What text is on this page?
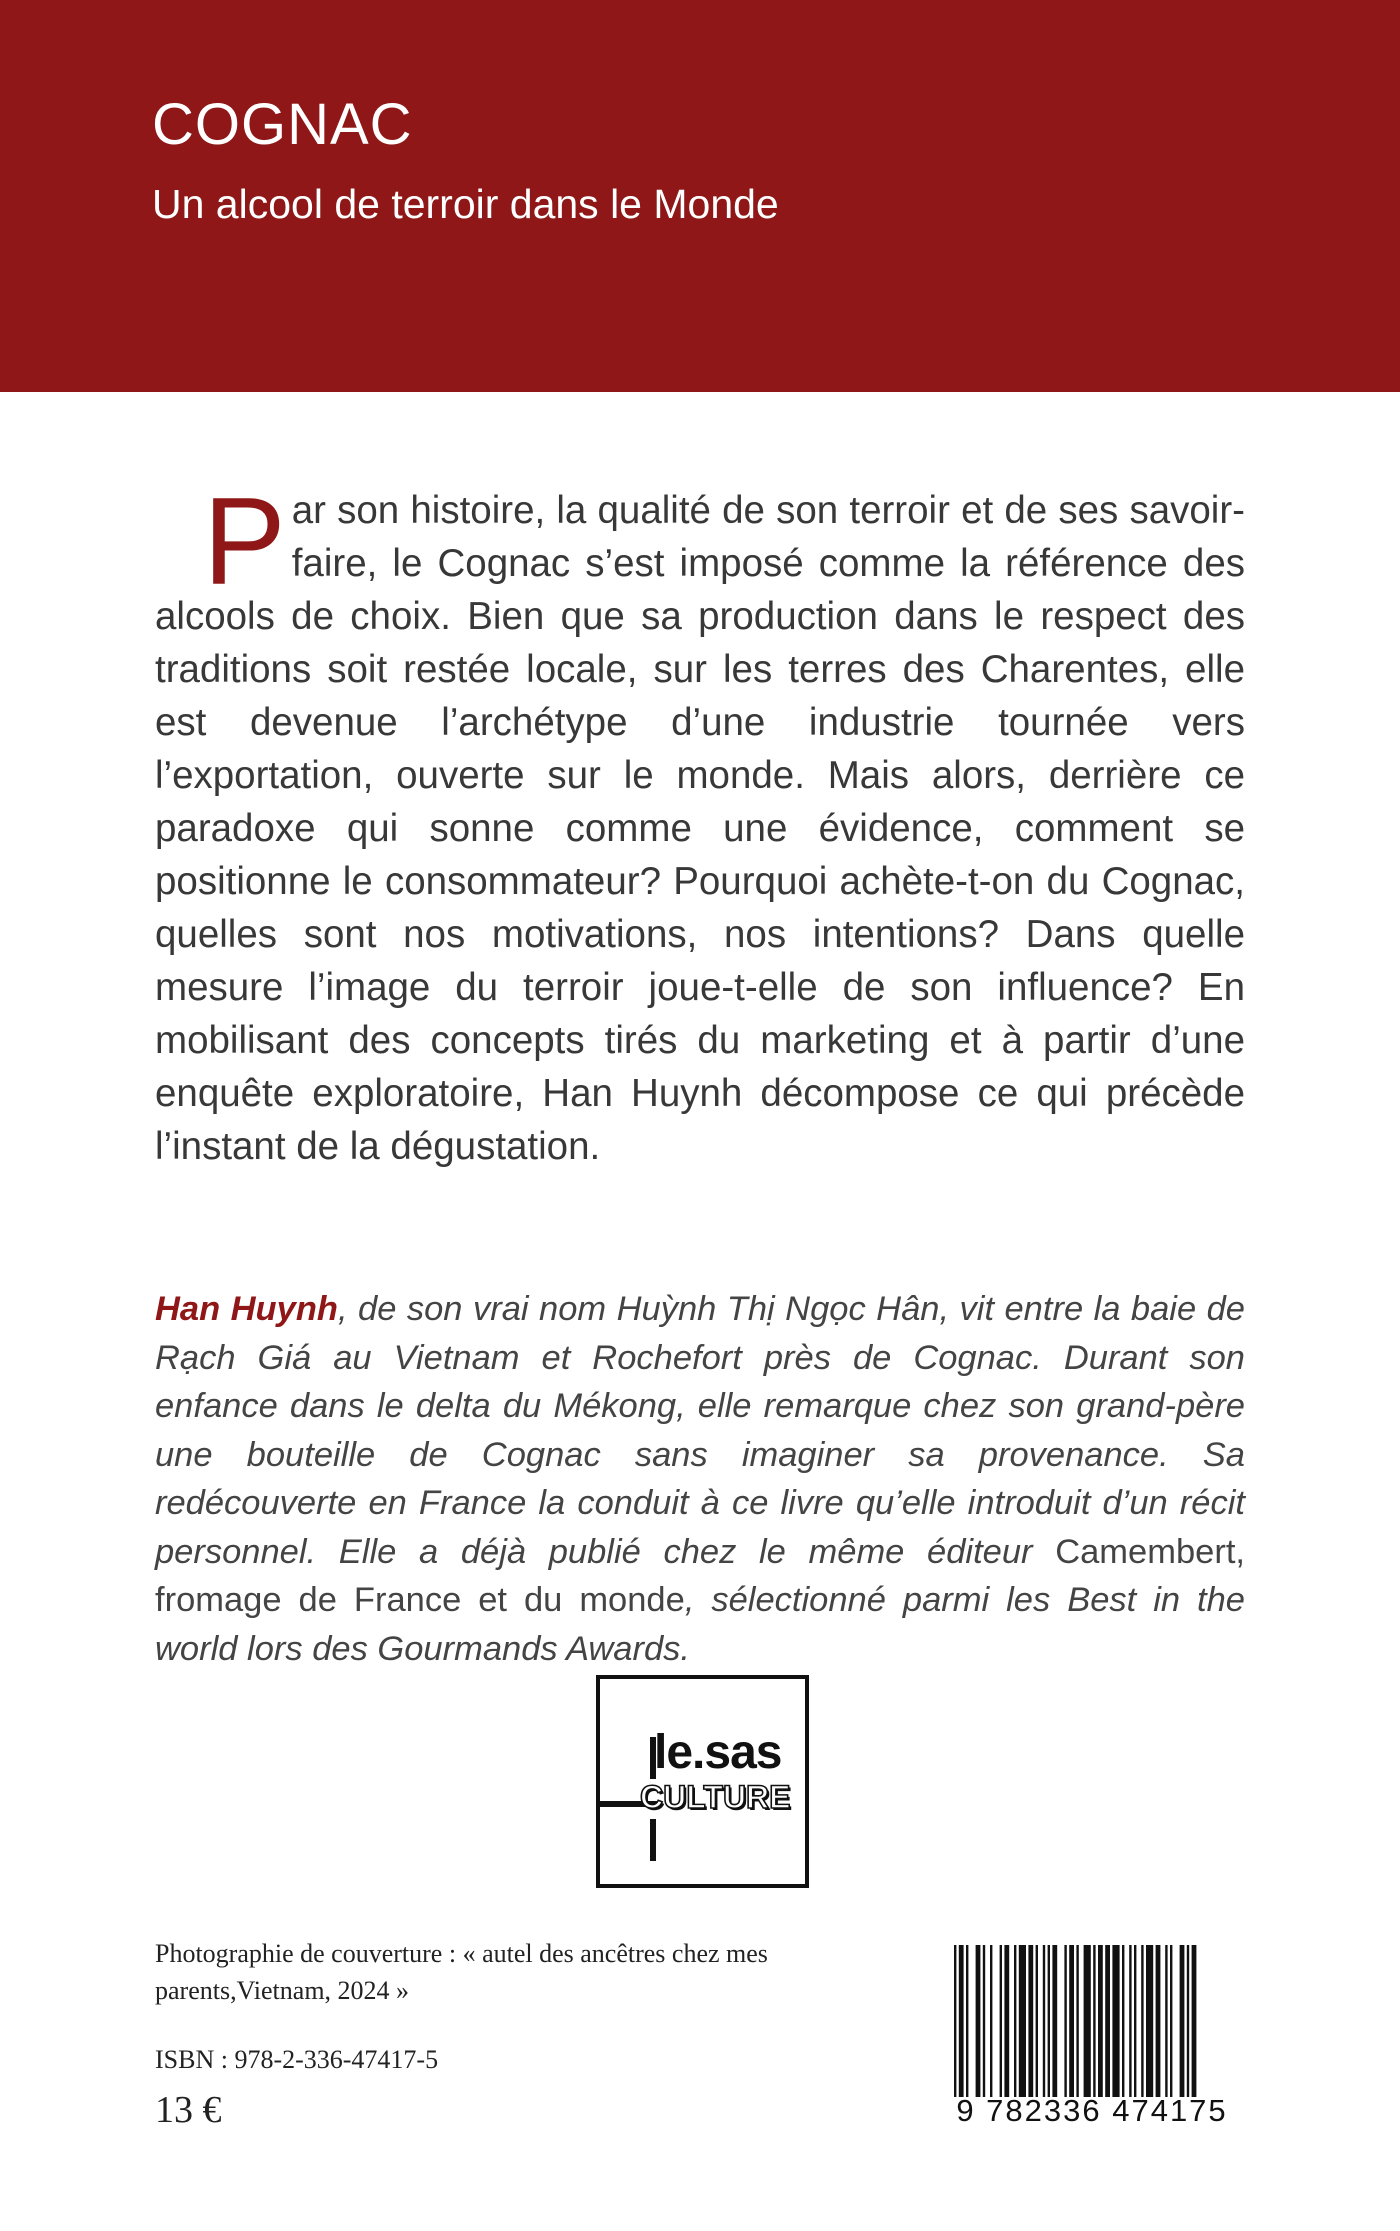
COGNAC
Un alcool de terroir dans le Monde

Par son histoire, la qualité de son terroir et de ses savoir-faire, le Cognac s’est imposé comme la référence des alcools de choix. Bien que sa production dans le respect des traditions soit restée locale, sur les terres des Charentes, elle est devenue l’archétype d’une industrie tournée vers l’exportation, ouverte sur le monde. Mais alors, derrière ce paradoxe qui sonne comme une évidence, comment se positionne le consommateur? Pourquoi achète-t-on du Cognac, quelles sont nos motivations, nos intentions? Dans quelle mesure l’image du terroir joue-t-elle de son influence? En mobilisant des concepts tirés du marketing et à partir d’une enquête exploratoire, Han Huynh décompose ce qui précède l’instant de la dégustation.

Han Huynh, de son vrai nom Huỳnh Thị Ngọc Hân, vit entre la baie de Rạch Giá au Vietnam et Rochefort près de Cognac. Durant son enfance dans le delta du Mékong, elle remarque chez son grand-père une bouteille de Cognac sans imaginer sa provenance. Sa redécouverte en France la conduit à ce livre qu’elle introduit d’un récit personnel. Elle a déjà publié chez le même éditeur Camembert, fromage de France et du monde, sélectionné parmi les Best in the world lors des Gourmands Awards.

le.sas
CULTURE

Photographie de couverture : « autel des ancêtres chez mes parents,Vietnam, 2024 »

ISBN : 978-2-336-47417-5

13 €	9 782336 474175
